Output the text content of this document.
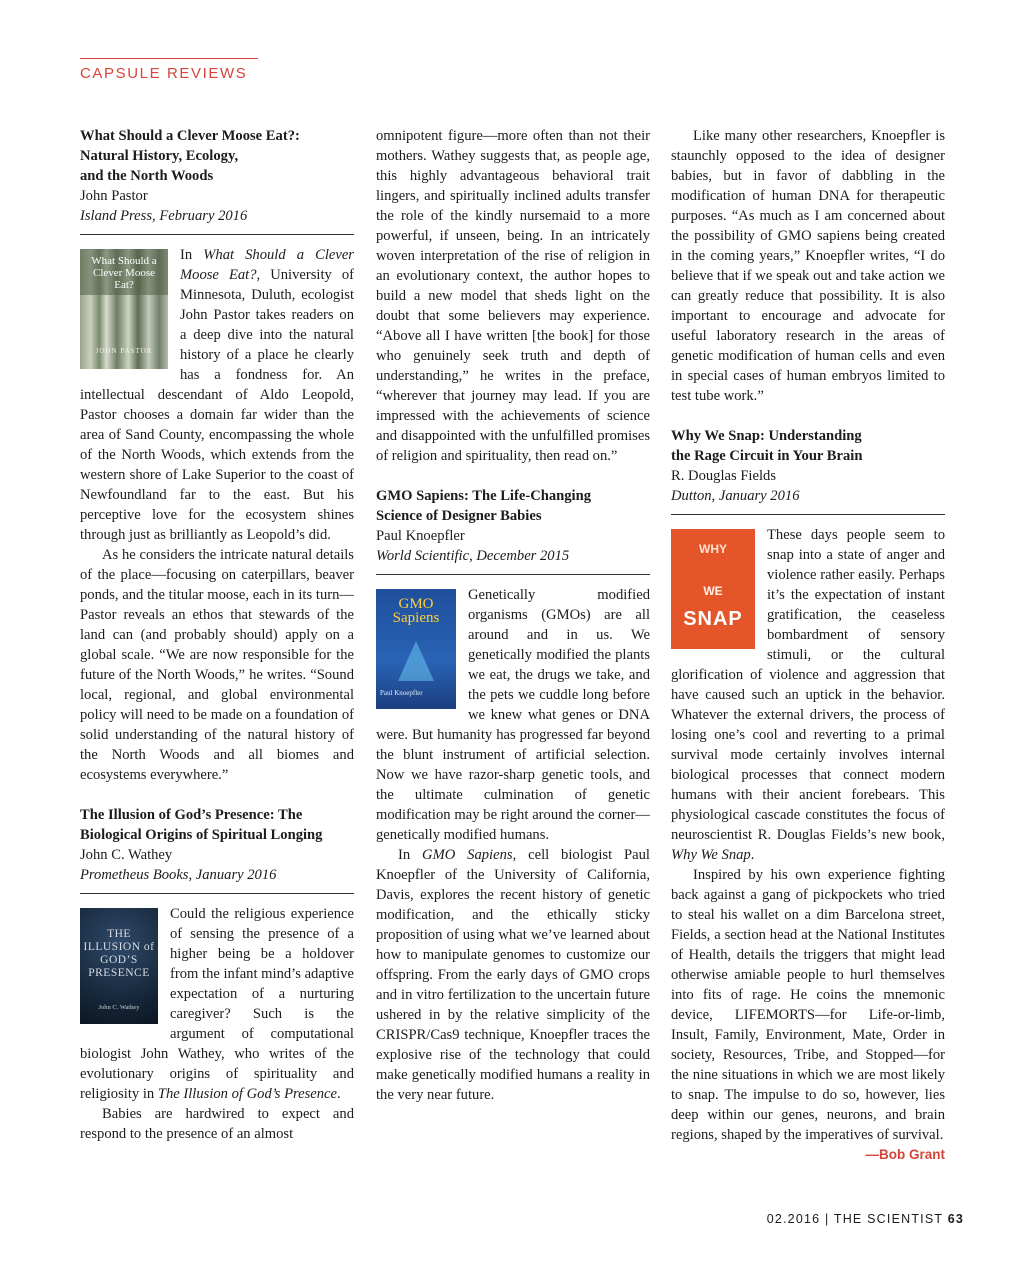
CAPSULE REVIEWS
What Should a Clever Moose Eat?:
Natural History, Ecology,
and the North Woods
John Pastor
Island Press, February 2016
What Should a Clever Moose Eat?
JOHN PASTOR

In What Should a Clever Moose Eat?, University of Minnesota, Duluth, ecologist John Pastor takes readers on a deep dive into the natural history of a place he clearly has a fondness for. An intellectual descendant of Aldo Leopold, Pastor chooses a domain far wider than the area of Sand County, encompassing the whole of the North Woods, which extends from the western shore of Lake Superior to the coast of Newfoundland far to the east. But his perceptive love for the ecosystem shines through just as brilliantly as Leopold’s did.

As he considers the intricate natural details of the place—focusing on caterpillars, beaver ponds, and the titular moose, each in its turn—Pastor reveals an ethos that stewards of the land can (and probably should) apply on a global scale. “We are now responsible for the future of the North Woods,” he writes. “Sound local, regional, and global environmental policy will need to be made on a foundation of solid understanding of the natural history of the North Woods and all biomes and ecosystems everywhere.”

The Illusion of God’s Presence: The
Biological Origins of Spiritual Longing
John C. Wathey
Prometheus Books, January 2016
THE ILLUSION of GOD’S PRESENCE
John C. Wathey

Could the religious experience of sensing the presence of a higher being be a holdover from the infant mind’s adaptive expectation of a nurturing caregiver? Such is the argument of computational biologist John Wathey, who writes of the evolutionary origins of spirituality and religiosity in The Illusion of God’s Presence.

Babies are hardwired to expect and respond to the presence of an almost

omnipotent figure—more often than not their mothers. Wathey suggests that, as people age, this highly advantageous behavioral trait lingers, and spiritually inclined adults transfer the role of the kindly nursemaid to a more powerful, if unseen, being. In an intricately woven interpretation of the rise of religion in an evolutionary context, the author hopes to build a new model that sheds light on the doubt that some believers may experience. “Above all I have written [the book] for those who genuinely seek truth and depth of understanding,” he writes in the preface, “wherever that journey may lead. If you are impressed with the achievements of science and disappointed with the unfulfilled promises of religion and spirituality, then read on.”

GMO Sapiens: The Life-Changing
Science of Designer Babies
Paul Knoepfler
World Scientific, December 2015
GMO Sapiens
Paul Knoepfler

Genetically modified organisms (GMOs) are all around and in us. We genetically modified the plants we eat, the drugs we take, and the pets we cuddle long before we knew what genes or DNA were. But humanity has progressed far beyond the blunt instrument of artificial selection. Now we have razor-sharp genetic tools, and the ultimate culmination of genetic modification may be right around the corner—genetically modified humans.

In GMO Sapiens, cell biologist Paul Knoepfler of the University of California, Davis, explores the recent history of genetic modification, and the ethically sticky proposition of using what we’ve learned about how to manipulate genomes to customize our offspring. From the early days of GMO crops and in vitro fertilization to the uncertain future ushered in by the relative simplicity of the CRISPR/Cas9 technique, Knoepfler traces the explosive rise of the technology that could make genetically modified humans a reality in the very near future.

Like many other researchers, Knoepfler is staunchly opposed to the idea of designer babies, but in favor of dabbling in the modification of human DNA for therapeutic purposes. “As much as I am concerned about the possibility of GMO sapiens being created in the coming years,” Knoepfler writes, “I do believe that if we speak out and take action we can greatly reduce that possibility. It is also important to encourage and advocate for useful laboratory research in the areas of genetic modification of human cells and even in special cases of human embryos limited to test tube work.”

Why We Snap: Understanding
the Rage Circuit in Your Brain
R. Douglas Fields
Dutton, January 2016
WHY
WE
SNAP

These days people seem to snap into a state of anger and violence rather easily. Perhaps it’s the expectation of instant gratification, the ceaseless bombardment of sensory stimuli, or the cultural glorification of violence and aggression that have caused such an uptick in the behavior. Whatever the external drivers, the process of losing one’s cool and reverting to a primal survival mode certainly involves internal biological processes that connect modern humans with their ancient forebears. This physiological cascade constitutes the focus of neuroscientist R. Douglas Fields’s new book, Why We Snap.

Inspired by his own experience fighting back against a gang of pickpockets who tried to steal his wallet on a dim Barcelona street, Fields, a section head at the National Institutes of Health, details the triggers that might lead otherwise amiable people to hurl themselves into fits of rage. He coins the mnemonic device, LIFEMORTS—for Life-or-limb, Insult, Family, Environment, Mate, Order in society, Resources, Tribe, and Stopped—for the nine situations in which we are most likely to snap. The impulse to do so, however, lies deep within our genes, neurons, and brain regions, shaped by the imperatives of survival.
—Bob Grant

02.2016 | THE SCIENTIST 63
